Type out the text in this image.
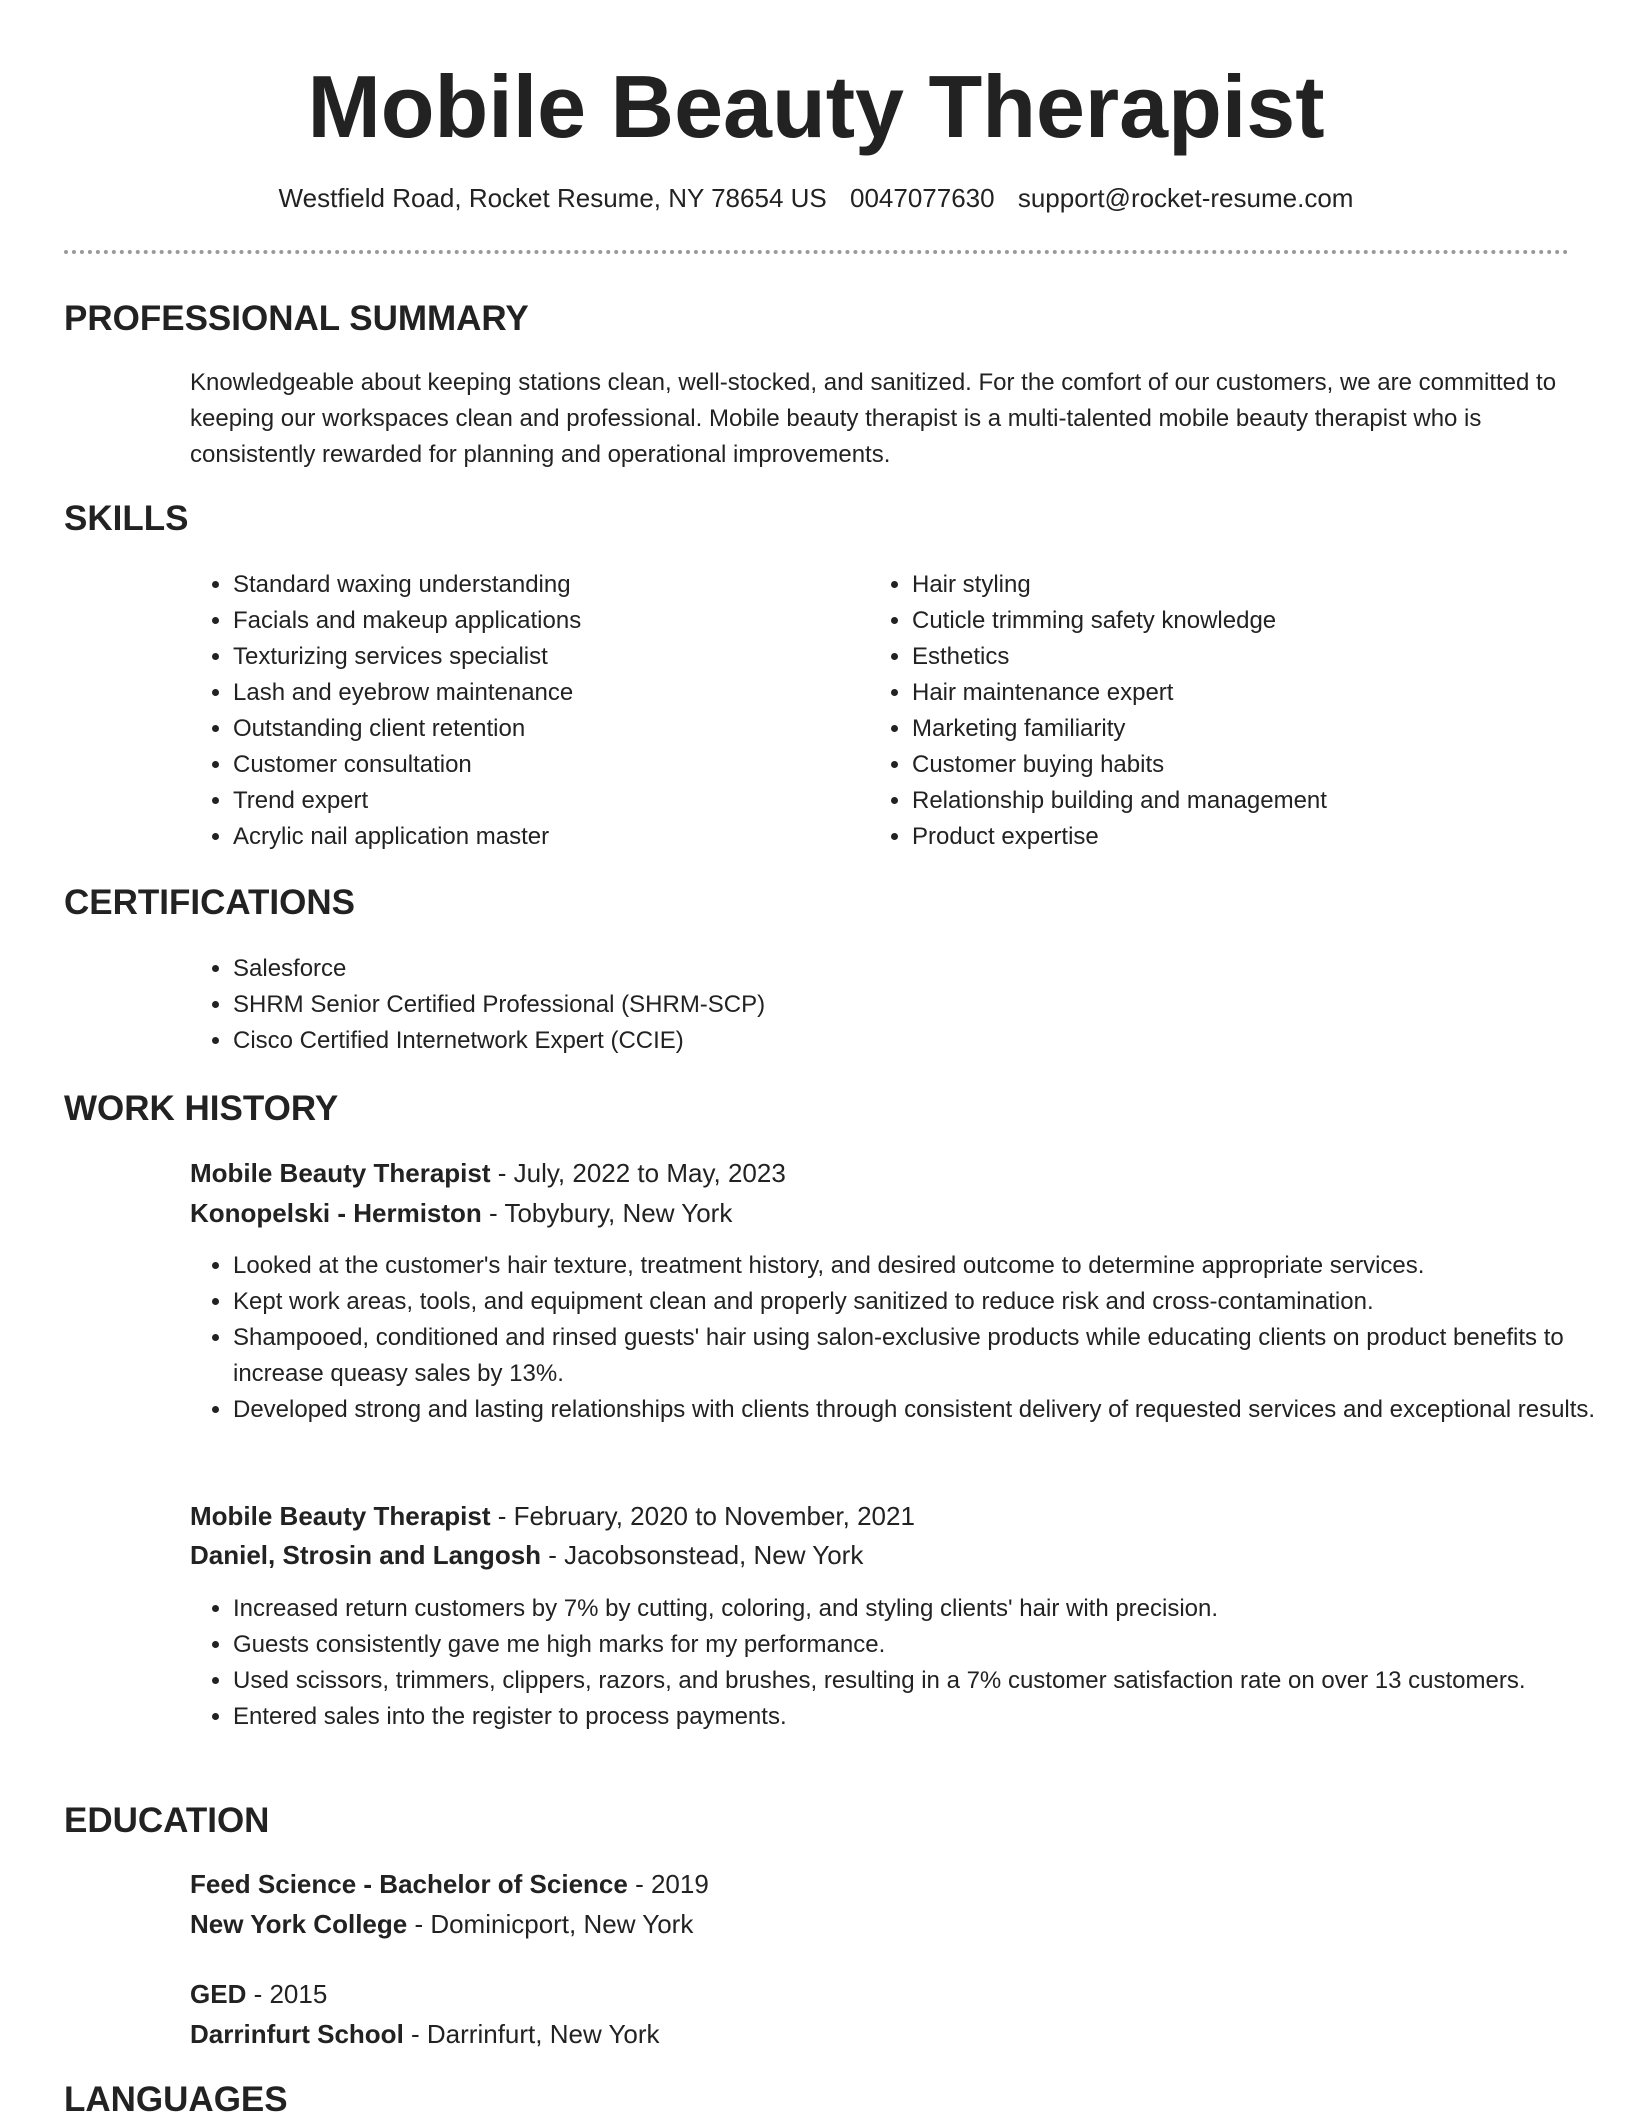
Mobile Beauty Therapist
Westfield Road, Rocket Resume, NY 78654 US 0047077630 support@rocket-resume.com
PROFESSIONAL SUMMARY

Knowledgeable about keeping stations clean, well-stocked, and sanitized. For the comfort of our customers, we are committed to keeping our workspaces clean and professional. Mobile beauty therapist is a multi-talented mobile beauty therapist who is consistently rewarded for planning and operational improvements.

SKILLS
• Standard waxing understanding
• Facials and makeup applications
• Texturizing services specialist
• Lash and eyebrow maintenance
• Outstanding client retention
• Customer consultation
• Trend expert
• Acrylic nail application master
• Hair styling
• Cuticle trimming safety knowledge
• Esthetics
• Hair maintenance expert
• Marketing familiarity
• Customer buying habits
• Relationship building and management
• Product expertise
CERTIFICATIONS
• Salesforce
• SHRM Senior Certified Professional (SHRM-SCP)
• Cisco Certified Internetwork Expert (CCIE)
WORK HISTORY
Mobile Beauty Therapist - July, 2022 to May, 2023
Konopelski - Hermiston - Tobybury, New York
• Looked at the customer's hair texture, treatment history, and desired outcome to determine appropriate services.
• Kept work areas, tools, and equipment clean and properly sanitized to reduce risk and cross-contamination.
• Shampooed, conditioned and rinsed guests' hair using salon-exclusive products while educating clients on product benefits to increase queasy sales by 13%.
• Developed strong and lasting relationships with clients through consistent delivery of requested services and exceptional results.
Mobile Beauty Therapist - February, 2020 to November, 2021
Daniel, Strosin and Langosh - Jacobsonstead, New York
• Increased return customers by 7% by cutting, coloring, and styling clients' hair with precision.
• Guests consistently gave me high marks for my performance.
• Used scissors, trimmers, clippers, razors, and brushes, resulting in a 7% customer satisfaction rate on over 13 customers.
• Entered sales into the register to process payments.
EDUCATION
Feed Science - Bachelor of Science - 2019
New York College - Dominicport, New York
GED - 2015
Darrinfurt School - Darrinfurt, New York
LANGUAGES
